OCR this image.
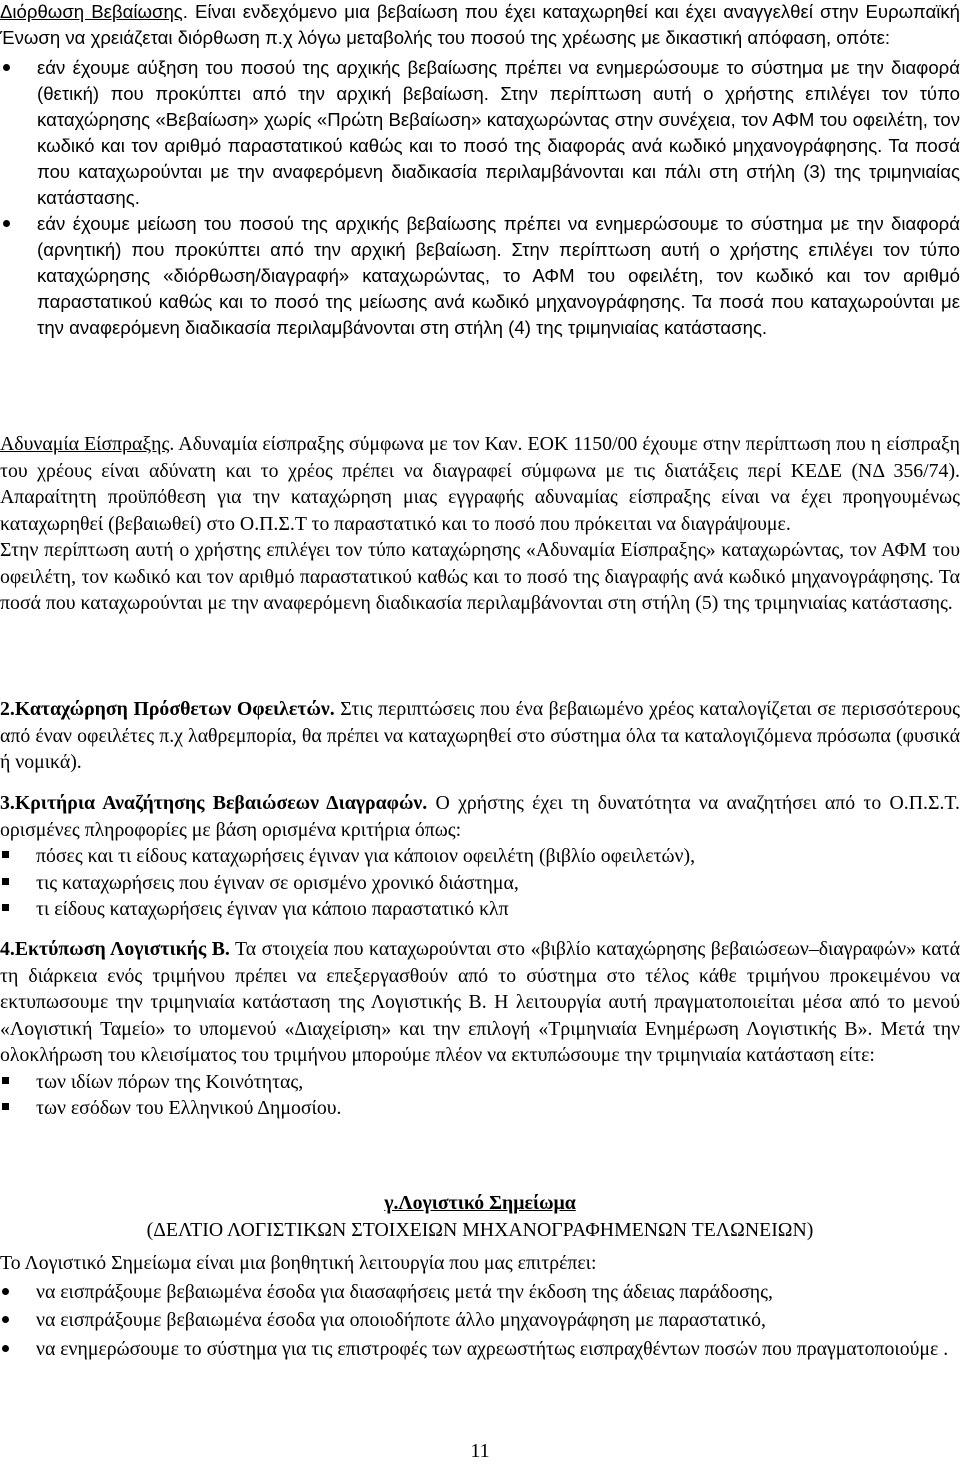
Διόρθωση Βεβαίωσης. Είναι ενδεχόμενο μια βεβαίωση που έχει καταχωρηθεί και έχει αναγγελθεί στην Ευρωπαϊκή Ένωση να χρειάζεται διόρθωση π.χ λόγω μεταβολής του ποσού της χρέωσης με δικαστική απόφαση, οπότε:

εάν έχουμε αύξηση του ποσού της αρχικής βεβαίωσης πρέπει να ενημερώσουμε το σύστημα με την διαφορά (θετική) που προκύπτει από την αρχική βεβαίωση. Στην περίπτωση αυτή ο χρήστης επιλέγει τον τύπο καταχώρησης «Βεβαίωση» χωρίς «Πρώτη Βεβαίωση» καταχωρώντας στην συνέχεια, τον ΑΦΜ του οφειλέτη, τον κωδικό και τον αριθμό παραστατικού καθώς και το ποσό της διαφοράς ανά κωδικό μηχανογράφησης. Τα ποσά που καταχωρούνται με την αναφερόμενη διαδικασία περιλαμβάνονται και πάλι στη στήλη (3) της τριμηνιαίας κατάστασης.
εάν έχουμε μείωση του ποσού της αρχικής βεβαίωσης πρέπει να ενημερώσουμε το σύστημα με την διαφορά (αρνητική) που προκύπτει από την αρχική βεβαίωση. Στην περίπτωση αυτή ο χρήστης επιλέγει τον τύπο καταχώρησης «διόρθωση/διαγραφή» καταχωρώντας, το ΑΦΜ του οφειλέτη, τον κωδικό και τον αριθμό παραστατικού καθώς και το ποσό της μείωσης ανά κωδικό μηχανογράφησης. Τα ποσά που καταχωρούνται με την αναφερόμενη διαδικασία περιλαμβάνονται στη στήλη (4) της τριμηνιαίας κατάστασης.

Αδυναμία Είσπραξης. Αδυναμία είσπραξης σύμφωνα με τον Καν. ΕΟΚ 1150/00 έχουμε στην περίπτωση που η είσπραξη του χρέους είναι αδύνατη και το χρέος πρέπει να διαγραφεί σύμφωνα με τις διατάξεις περί ΚΕΔΕ (ΝΔ 356/74). Απαραίτητη προϋπόθεση για την καταχώρηση μιας εγγραφής αδυναμίας είσπραξης είναι να έχει προηγουμένως καταχωρηθεί (βεβαιωθεί) στο Ο.Π.Σ.Τ το παραστατικό και το ποσό που πρόκειται να διαγράψουμε.

Στην περίπτωση αυτή ο χρήστης επιλέγει τον τύπο καταχώρησης «Αδυναμία Είσπραξης» καταχωρώντας, τον ΑΦΜ του οφειλέτη, τον κωδικό και τον αριθμό παραστατικού καθώς και το ποσό της διαγραφής ανά κωδικό μηχανογράφησης. Τα ποσά που καταχωρούνται με την αναφερόμενη διαδικασία περιλαμβάνονται στη στήλη (5) της τριμηνιαίας κατάστασης.

2.Καταχώρηση Πρόσθετων Οφειλετών. Στις περιπτώσεις που ένα βεβαιωμένο χρέος καταλογίζεται σε περισσότερους από έναν οφειλέτες π.χ λαθρεμπορία, θα πρέπει να καταχωρηθεί στο σύστημα όλα τα καταλογιζόμενα πρόσωπα (φυσικά ή νομικά).

3.Κριτήρια Αναζήτησης Βεβαιώσεων Διαγραφών. Ο χρήστης έχει τη δυνατότητα να αναζητήσει από το Ο.Π.Σ.Τ. ορισμένες πληροφορίες με βάση ορισμένα κριτήρια όπως:

πόσες και τι είδους καταχωρήσεις έγιναν για κάποιον οφειλέτη (βιβλίο οφειλετών),
τις καταχωρήσεις που έγιναν σε ορισμένο χρονικό διάστημα,
τι είδους καταχωρήσεις έγιναν για κάποιο παραστατικό κλπ

4.Εκτύπωση Λογιστικής Β. Τα στοιχεία που καταχωρούνται στο «βιβλίο καταχώρησης βεβαιώσεων–διαγραφών» κατά τη διάρκεια ενός τριμήνου πρέπει να επεξεργασθούν από το σύστημα στο τέλος κάθε τριμήνου προκειμένου να εκτυπωσουμε την τριμηνιαία κατάσταση της Λογιστικής Β. Η λειτουργία αυτή πραγματοποιείται μέσα από το μενού «Λογιστική Ταμείο» το υπομενού «Διαχείριση» και την επιλογή «Τριμηνιαία Ενημέρωση Λογιστικής Β». Μετά την ολοκλήρωση του κλεισίματος του τριμήνου μπορούμε πλέον να εκτυπώσουμε την τριμηνιαία κατάσταση είτε:

των ιδίων πόρων της Κοινότητας,
των εσόδων του Ελληνικού Δημοσίου.

γ.Λογιστικό Σημείωμα

(ΔΕΛΤΙΟ ΛΟΓΙΣΤΙΚΩΝ ΣΤΟΙΧΕΙΩΝ ΜΗΧΑΝΟΓΡΑΦΗΜΕΝΩΝ ΤΕΛΩΝΕΙΩΝ)

Το Λογιστικό Σημείωμα είναι μια βοηθητική λειτουργία που μας επιτρέπει:

να εισπράξουμε βεβαιωμένα έσοδα για διασαφήσεις μετά την έκδοση της άδειας παράδοσης,
να εισπράξουμε βεβαιωμένα έσοδα για οποιοδήποτε άλλο μηχανογράφηση με παραστατικό,
να ενημερώσουμε το σύστημα για τις επιστροφές των αχρεωστήτως εισπραχθέντων ποσών που πραγματοποιούμε .
11
